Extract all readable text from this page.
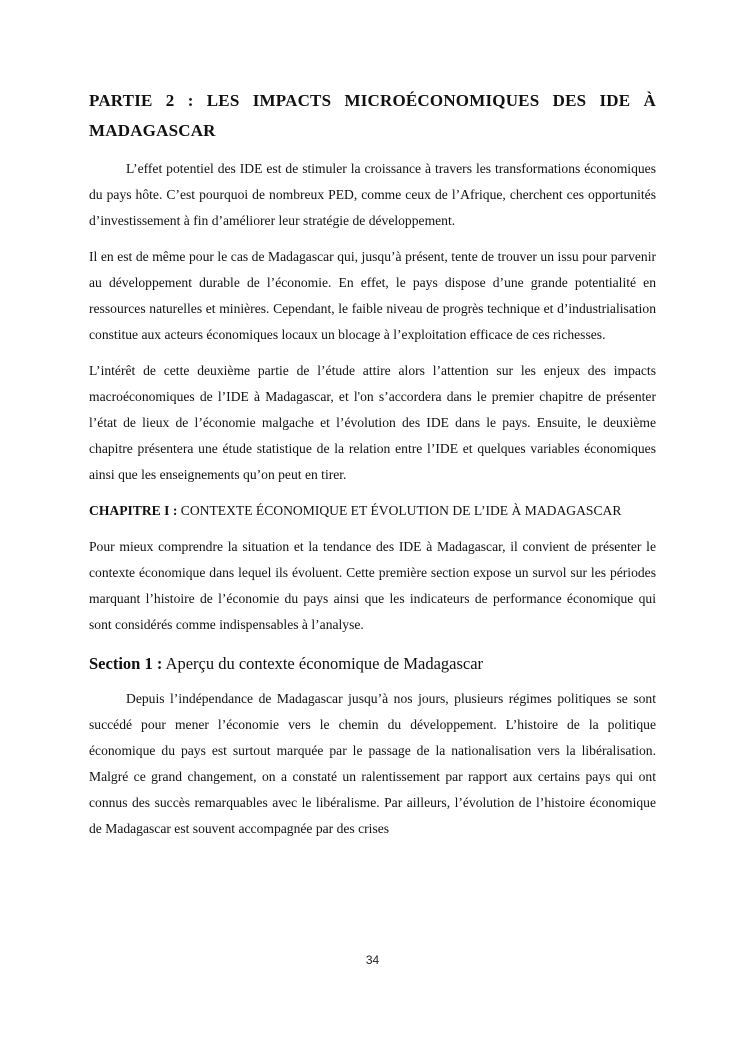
PARTIE 2 : LES IMPACTS MICROÉCONOMIQUES DES IDE À MADAGASCAR

L’effet potentiel des IDE est de stimuler la croissance à travers les transformations économiques du pays hôte. C’est pourquoi de nombreux PED, comme ceux de l’Afrique, cherchent ces opportunités d’investissement à fin d’améliorer leur stratégie de développement.

Il en est de même pour le cas de Madagascar qui, jusqu’à présent, tente de trouver un issu pour parvenir au développement durable de l’économie. En effet, le pays dispose d’une grande potentialité en ressources naturelles et minières. Cependant, le faible niveau de progrès technique et d’industrialisation constitue aux acteurs économiques locaux un blocage à l’exploitation efficace de ces richesses.

L’intérêt de cette deuxième partie de l’étude attire alors l’attention sur les enjeux des impacts macroéconomiques de l’IDE à Madagascar, et l'on s’accordera dans le premier chapitre de présenter l’état de lieux de l’économie malgache et l’évolution des IDE dans le pays. Ensuite, le deuxième chapitre présentera une étude statistique de la relation entre l’IDE et quelques variables économiques ainsi que les enseignements qu’on peut en tirer.

CHAPITRE I : CONTEXTE ÉCONOMIQUE ET ÉVOLUTION DE L’IDE À MADAGASCAR

Pour mieux comprendre la situation et la tendance des IDE à Madagascar, il convient de présenter le contexte économique dans lequel ils évoluent. Cette première section expose un survol sur les périodes marquant l’histoire de l’économie du pays ainsi que les indicateurs de performance économique qui sont considérés comme indispensables à l’analyse.

Section 1 : Aperçu du contexte économique de Madagascar

Depuis l’indépendance de Madagascar jusqu’à nos jours, plusieurs régimes politiques se sont succédé pour mener l’économie vers le chemin du développement. L’histoire de la politique économique du pays est surtout marquée par le passage de la nationalisation vers la libéralisation. Malgré ce grand changement, on a constaté un ralentissement par rapport aux certains pays qui ont connus des succès remarquables avec le libéralisme. Par ailleurs, l’évolution de l’histoire économique de Madagascar est souvent accompagnée par des crises

34
